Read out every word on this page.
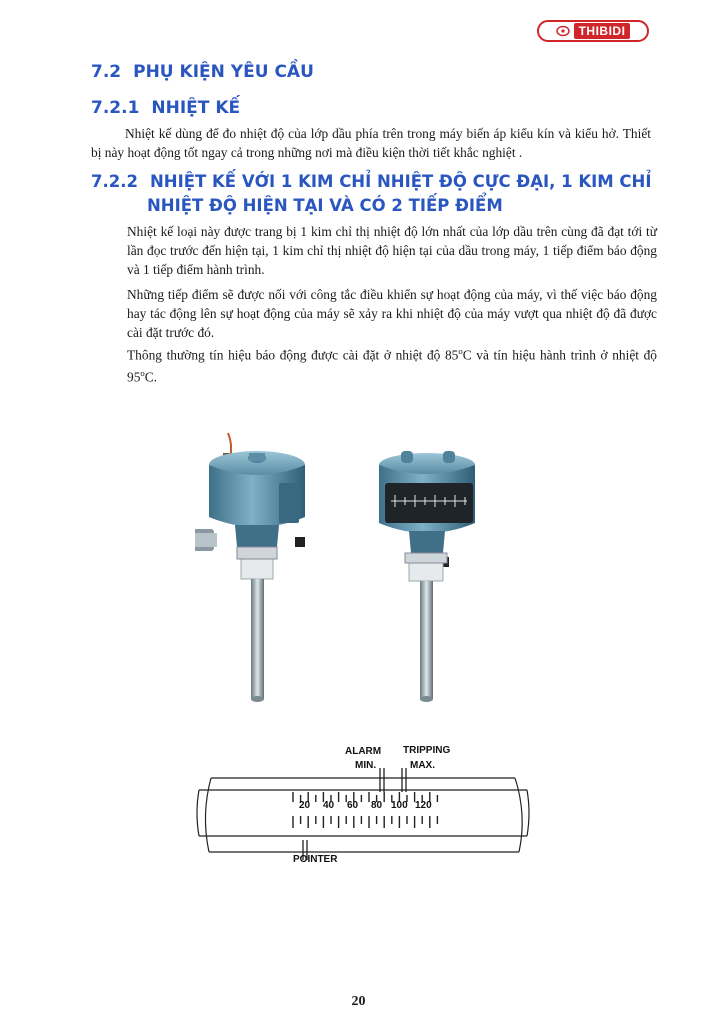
THIBIDI
7.2 PHỤ KIỆN YÊU CẦU
7.2.1 NHIỆT KẾ
Nhiệt kế dùng để đo nhiệt độ của lớp dầu phía trên trong máy biến áp kiểu kín và kiểu hở. Thiết bị này hoạt động tốt ngay cả trong những nơi mà điều kiện thời tiết khắc nghiệt .
7.2.2 NHIỆT KẾ VỚI 1 KIM CHỈ NHIỆT ĐỘ CỰC ĐẠI, 1 KIM CHỈ
NHIỆT ĐỘ HIỆN TẠI VÀ CÓ 2 TIẾP ĐIỂM
Nhiệt kế loại này được trang bị 1 kim chỉ thị nhiệt độ lớn nhất của lớp dầu trên cùng đã đạt tới từ lần đọc trước đến hiện tại, 1 kim chỉ thị nhiệt độ hiện tại của dầu trong máy, 1 tiếp điểm báo động và 1 tiếp điểm hành trình.
Những tiếp điểm sẽ được nối với công tắc điều khiển sự hoạt động của máy, vì thế việc báo động hay tác động lên sự hoạt động của máy sẽ xảy ra khi nhiệt độ của máy vượt qua nhiệt độ đã được cài đặt trước đó.
Thông thường tín hiệu báo động được cài đặt ở nhiệt độ 85$^o$C và tín hiệu hành trình ở nhiệt độ 95$^o$C.
ALARM
MIN.
TRIPPING
MAX.
POINTER
20 40 60 80 100 120
20
